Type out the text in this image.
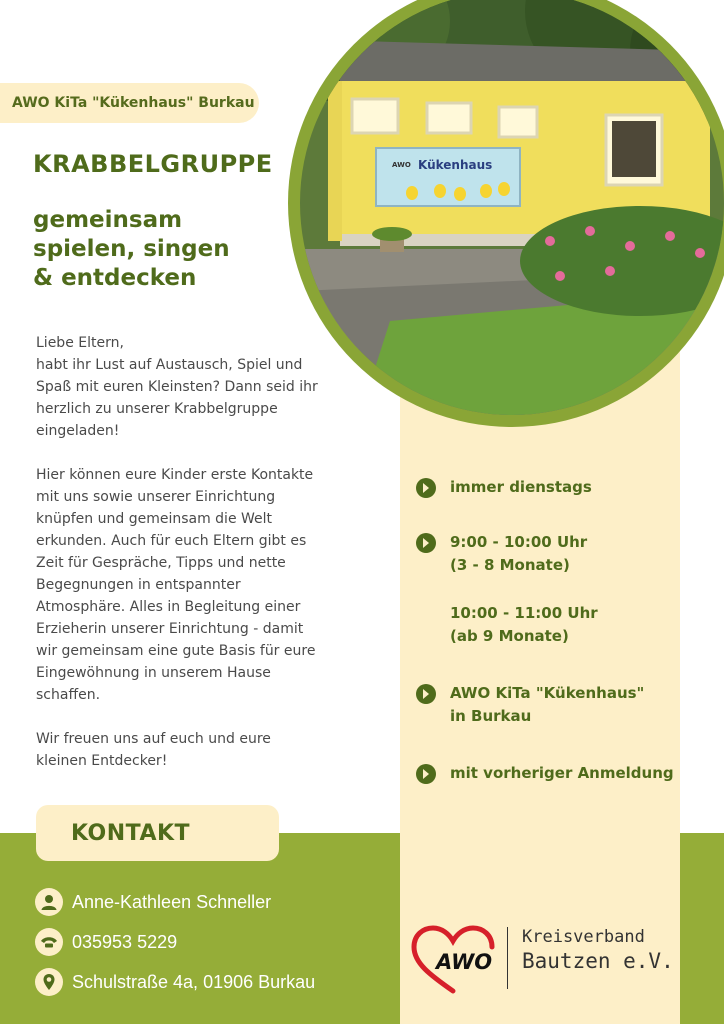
AWO KiTa "Kükenhaus" Burkau
KRABBELGRUPPE
gemeinsam
spielen, singen
& entdecken

Liebe Eltern,
habt ihr Lust auf Austausch, Spiel und
Spaß mit euren Kleinsten? Dann seid ihr
herzlich zu unserer Krabbelgruppe
eingeladen!

Hier können eure Kinder erste Kontakte
mit uns sowie unserer Einrichtung
knüpfen und gemeinsam die Welt
erkunden. Auch für euch Eltern gibt es
Zeit für Gespräche, Tipps und nette
Begegnungen in entspannter
Atmosphäre. Alles in Begleitung einer
Erzieherin unserer Einrichtung - damit
wir gemeinsam eine gute Basis für eure
Eingewöhnung in unserem Hause
schaffen.

Wir freuen uns auf euch und eure
kleinen Entdecker!

AWO Kükenhaus
immer dienstags
9:00 - 10:00 Uhr
(3 - 8 Monate)
10:00 - 11:00 Uhr
(ab 9 Monate)
AWO KiTa "Kükenhaus"
in Burkau
mit vorheriger Anmeldung
KONTAKT
Anne-Kathleen Schneller
035953 5229
Schulstraße 4a, 01906 Burkau
AWO
Kreisverband
Bautzen e.V.
